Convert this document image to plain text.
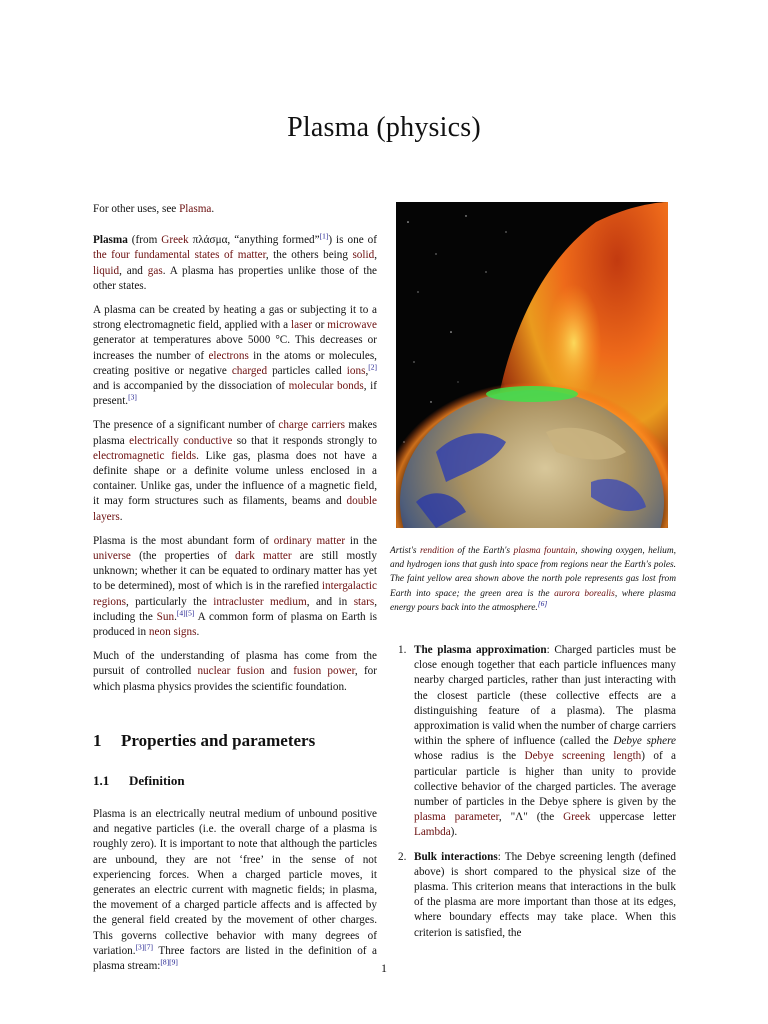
Plasma (physics)

For other uses, see Plasma.

Plasma (from Greek πλάσμα, “anything formed”[1]) is one of the four fundamental states of matter, the others being solid, liquid, and gas. A plasma has properties unlike those of the other states.

A plasma can be created by heating a gas or subjecting it to a strong electromagnetic field, applied with a laser or microwave generator at temperatures above 5000 °C. This decreases or increases the number of electrons in the atoms or molecules, creating positive or negative charged particles called ions,[2] and is accompanied by the dissociation of molecular bonds, if present.[3]

The presence of a significant number of charge carriers makes plasma electrically conductive so that it responds strongly to electromagnetic fields. Like gas, plasma does not have a definite shape or a definite volume unless enclosed in a container. Unlike gas, under the influence of a magnetic field, it may form structures such as filaments, beams and double layers.

Plasma is the most abundant form of ordinary matter in the universe (the properties of dark matter are still mostly unknown; whether it can be equated to ordinary matter has yet to be determined), most of which is in the rarefied intergalactic regions, particularly the intracluster medium, and in stars, including the Sun.[4][5] A common form of plasma on Earth is produced in neon signs.

Much of the understanding of plasma has come from the pursuit of controlled nuclear fusion and fusion power, for which plasma physics provides the scientific foundation.

1 Properties and parameters
1.1 Definition

Plasma is an electrically neutral medium of unbound positive and negative particles (i.e. the overall charge of a plasma is roughly zero). It is important to note that although the particles are unbound, they are not ‘free’ in the sense of not experiencing forces. When a charged particle moves, it generates an electric current with magnetic fields; in plasma, the movement of a charged particle affects and is affected by the general field created by the movement of other charges. This governs collective behavior with many degrees of variation.[3][7] Three factors are listed in the definition of a plasma stream:[8][9]

Artist's rendition of the Earth's plasma fountain, showing oxygen, helium, and hydrogen ions that gush into space from regions near the Earth's poles. The faint yellow area shown above the north pole represents gas lost from Earth into space; the green area is the aurora borealis, where plasma energy pours back into the atmosphere.[6]
1. The plasma approximation: Charged particles must be close enough together that each particle influences many nearby charged particles, rather than just interacting with the closest particle (these collective effects are a distinguishing feature of a plasma). The plasma approximation is valid when the number of charge carriers within the sphere of influence (called the Debye sphere whose radius is the Debye screening length) of a particular particle is higher than unity to provide collective behavior of the charged particles. The average number of particles in the Debye sphere is given by the plasma parameter, "Λ" (the Greek uppercase letter Lambda).
2. Bulk interactions: The Debye screening length (defined above) is short compared to the physical size of the plasma. This criterion means that interactions in the bulk of the plasma are more important than those at its edges, where boundary effects may take place. When this criterion is satisfied, the
1
